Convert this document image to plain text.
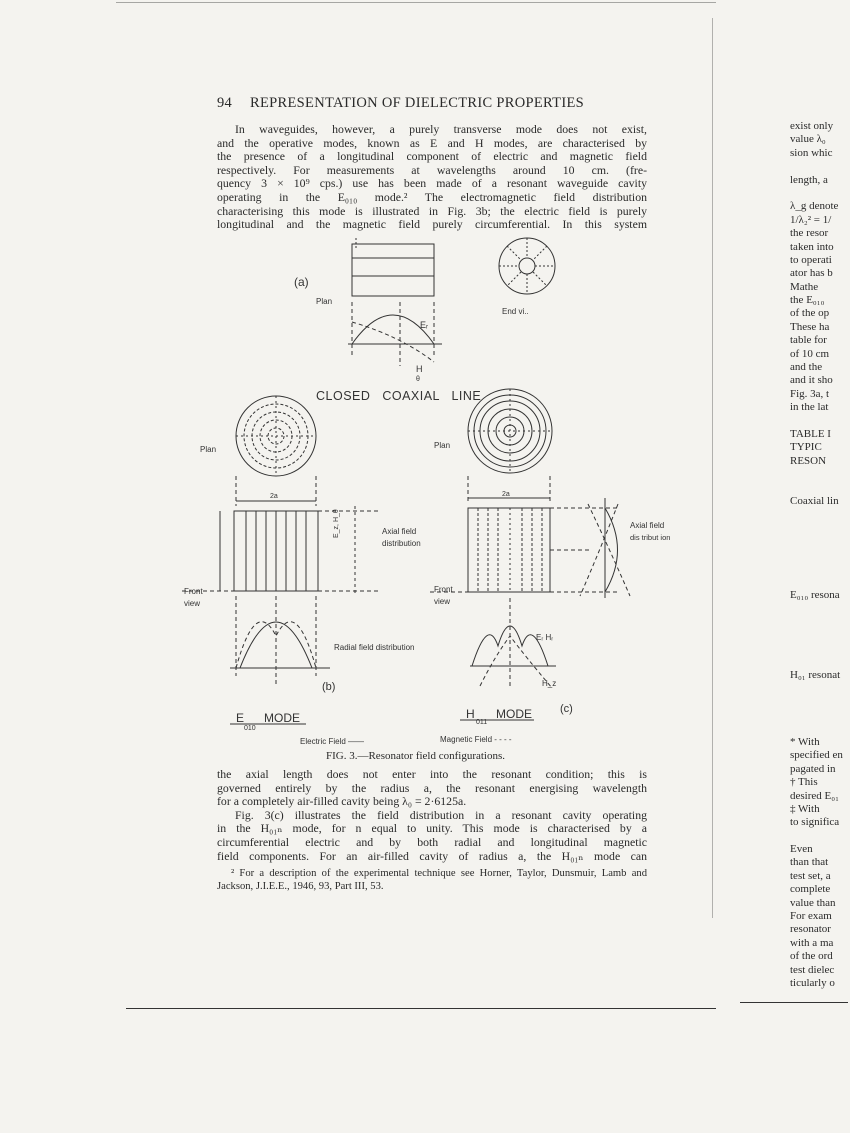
94 REPRESENTATION OF DIELECTRIC PROPERTIES
In waveguides, however, a purely transverse mode does not exist,
and the operative modes, known as E and H modes, are characterised by
the presence of a longitudinal component of electric and magnetic field
respectively. For measurements at wavelengths around 10 cm. (fre-
quency 3 × 10⁹ cps.) use has been made of a resonant waveguide cavity
operating in the E₀₁₀ mode.² The electromagnetic field distribution
characterising this mode is illustrated in Fig. 3b; the electric field is purely
longitudinal and the magnetic field purely circumferential. In this system
(a)
Plan
End vi..
Eᵣ
H
θ
CLOSED   COAXIAL   LINE
Plan	Plan
2a	2a
E_z, H_θ	Axial field
distribution
Axial field
dis tribut ion
Front
view
Front
view
Radial field distribution
(b)
(c)
Eᵣ Hᵣ
H_z
E
010
MODE	H
011
MODE
Electric Field ——	Magnetic Field - - - -
FIG. 3.—Resonator field configurations.
the axial length does not enter into the resonant condition; this is
governed entirely by the radius a, the resonant energising wavelength
for a completely air-filled cavity being λ₀ = 2·6125a.
Fig. 3(c) illustrates the field distribution in a resonant cavity operating
in the H₀₁ₙ mode, for n equal to unity. This mode is characterised by a
circumferential electric and by both radial and longitudinal magnetic
field components. For an air-filled cavity of radius a, the H₀₁ₙ mode can
² For a description of the experimental technique see Horner, Taylor, Dunsmuir, Lamb and Jackson, J.I.E.E., 1946, 93, Part III, 53.
exist only
value λ₀
sion whic
length, a
λ_g denote
1/λ₂² = 1/
the resor
taken into
to operati
ator has b
Mathe
the E₀₁₀
of the op
These ha
table for
of 10 cm
and the
and it sho
Fig. 3a, t
in the lat
TABLE I
TYPIC
RESON
Coaxial lin
E₀₁₀ resona
H₀₁ resonat
* With
specified en
pagated in
† This
desired E₀₁
‡ With
to significa
Even
than that
test set, a
complete
value than
For exam
resonator
with a ma
of the ord
test dielec
ticularly o
